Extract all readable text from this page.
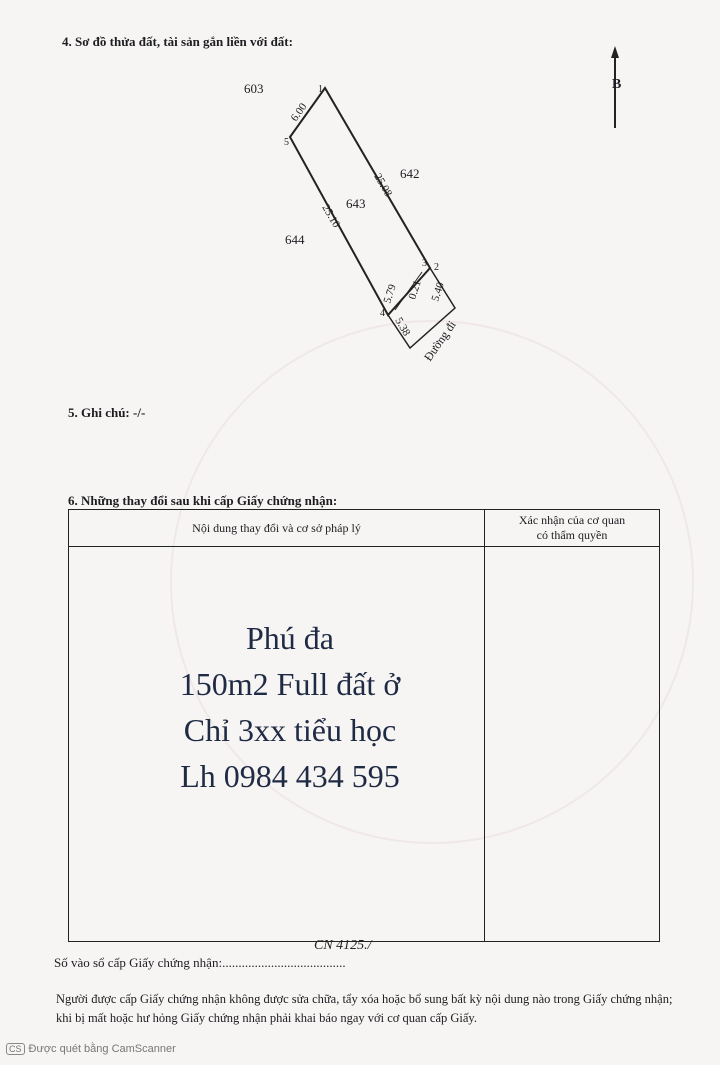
4. Sơ đồ thửa đất, tài sản gắn liền với đất:
B
603
642
643
644
1
2
3
4
5
6.00
25.08
25.10
5.79 0.21 5.40
5.38 Đường đi
5. Ghi chú: -/-
6. Những thay đổi sau khi cấp Giấy chứng nhận:
Nội dung thay đổi và cơ sở pháp lý
Xác nhận của cơ quan
có thẩm quyền
Phú đa
150m2 Full đất ở
Chỉ 3xx tiểu học
Lh 0984 434 595
CN 4125./
Số vào sổ cấp Giấy chứng nhận:......................................
Người được cấp Giấy chứng nhận không được sửa chữa, tẩy xóa hoặc bổ sung bất kỳ nội dung nào trong Giấy chứng nhận; khi bị mất hoặc hư hỏng Giấy chứng nhận phải khai báo ngay với cơ quan cấp Giấy.
CS Được quét bằng CamScanner
